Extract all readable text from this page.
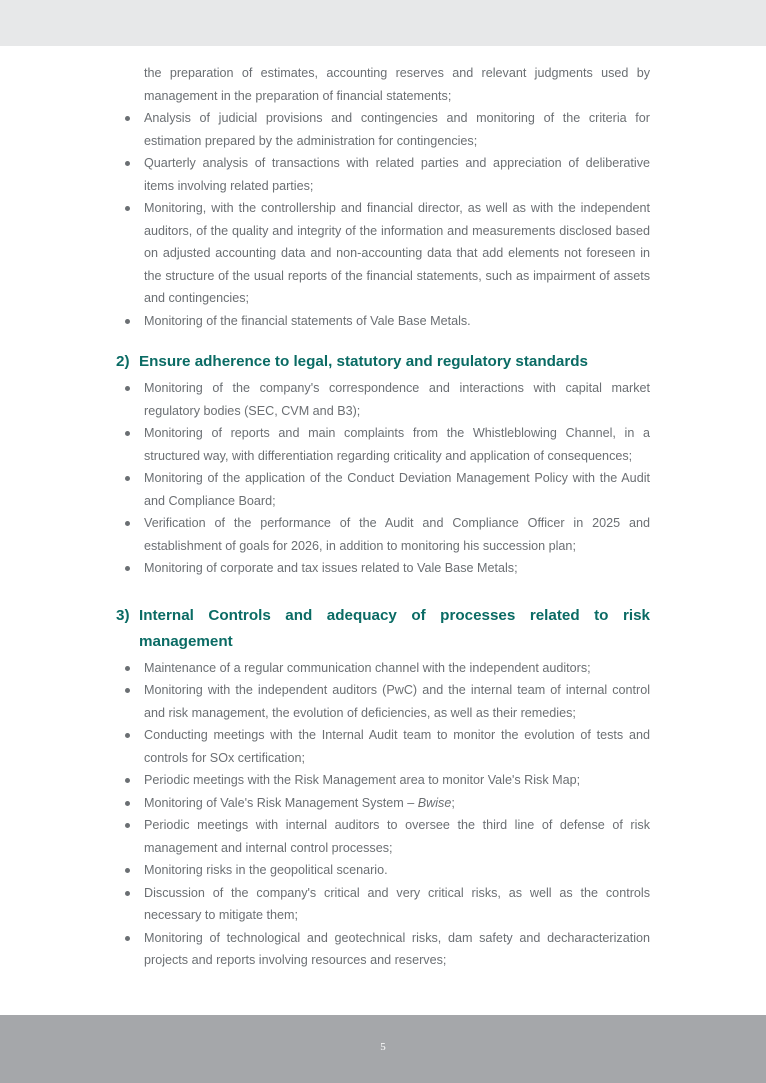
the preparation of estimates, accounting reserves and relevant judgments used by management in the preparation of financial statements;

Analysis of judicial provisions and contingencies and monitoring of the criteria for estimation prepared by the administration for contingencies;
Quarterly analysis of transactions with related parties and appreciation of deliberative items involving related parties;
Monitoring, with the controllership and financial director, as well as with the independent auditors, of the quality and integrity of the information and measurements disclosed based on adjusted accounting data and non-accounting data that add elements not foreseen in the structure of the usual reports of the financial statements, such as impairment of assets and contingencies;
Monitoring of the financial statements of Vale Base Metals.
2) Ensure adherence to legal, statutory and regulatory standards
Monitoring of the company's correspondence and interactions with capital market regulatory bodies (SEC, CVM and B3);
Monitoring of reports and main complaints from the Whistleblowing Channel, in a structured way, with differentiation regarding criticality and application of consequences;
Monitoring of the application of the Conduct Deviation Management Policy with the Audit and Compliance Board;
Verification of the performance of the Audit and Compliance Officer in 2025 and establishment of goals for 2026, in addition to monitoring his succession plan;
Monitoring of corporate and tax issues related to Vale Base Metals;
3) Internal Controls and adequacy of processes related to risk management
Maintenance of a regular communication channel with the independent auditors;
Monitoring with the independent auditors (PwC) and the internal team of internal control and risk management, the evolution of deficiencies, as well as their remedies;
Conducting meetings with the Internal Audit team to monitor the evolution of tests and controls for SOx certification;
Periodic meetings with the Risk Management area to monitor Vale's Risk Map;
Monitoring of Vale's Risk Management System – Bwise;
Periodic meetings with internal auditors to oversee the third line of defense of risk management and internal control processes;
Monitoring risks in the geopolitical scenario.
Discussion of the company's critical and very critical risks, as well as the controls necessary to mitigate them;
Monitoring of technological and geotechnical risks, dam safety and decharacterization projects and reports involving resources and reserves;
5
